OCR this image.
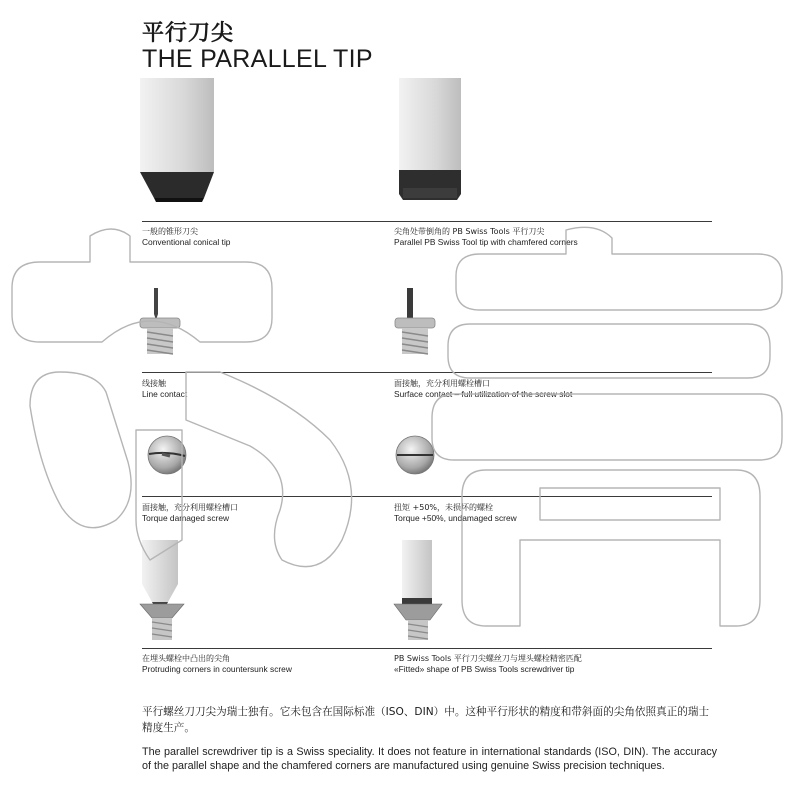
平行刀尖
THE PARALLEL TIP
一般的锥形刀尖
Conventional conical tip
尖角处带倒角的 PB Swiss Tools 平行刀尖
Parallel PB Swiss Tool tip with chamfered corners
线接触
Line contact
面接触，充分利用螺栓槽口
Surface contact – full utilization of the screw slot
面接触，充分利用螺栓槽口
Torque damaged screw
扭矩 +50%，未损坏的螺栓
Torque +50%, undamaged screw
在埋头螺栓中凸出的尖角
Protruding corners in countersunk screw
PB Swiss Tools 平行刀尖螺丝刀与埋头螺栓精密匹配
«Fitted» shape of PB Swiss Tools screwdriver tip
平行螺丝刀刀尖为瑞士独有。它未包含在国际标准（ISO、DIN）中。这种平行形状的精度和带斜面的尖角依照真正的瑞士精度生产。
The parallel screwdriver tip is a Swiss speciality. It does not feature in international standards (ISO, DIN). The accuracy of the parallel shape and the chamfered corners are manufactured using genuine Swiss precision techniques.
